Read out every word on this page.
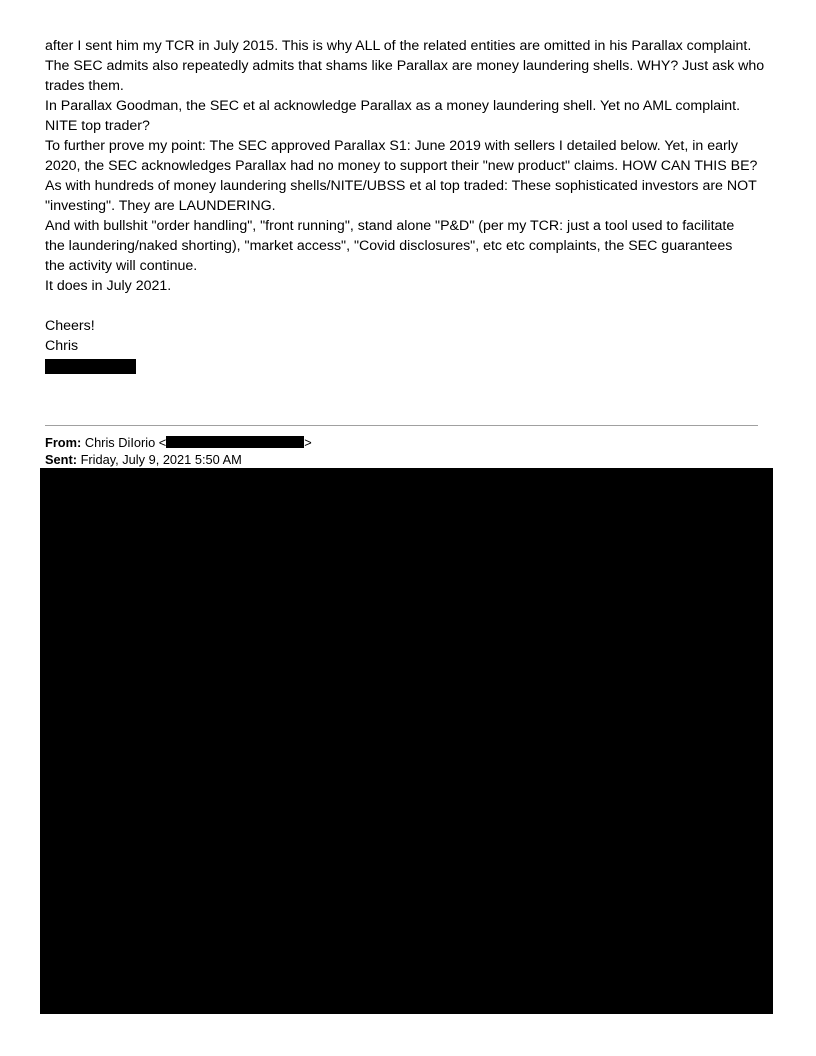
after I sent him my TCR in July 2015. This is why ALL of the related entities are omitted in his Parallax complaint.

The SEC admits also repeatedly admits that shams like Parallax are money laundering shells. WHY? Just ask who

trades them.

In Parallax Goodman, the SEC et al acknowledge Parallax as a money laundering shell. Yet no AML complaint.

NITE top trader?

To further prove my point: The SEC approved Parallax S1: June 2019 with sellers I detailed below. Yet, in early

2020, the SEC acknowledges Parallax had no money to support their "new product" claims. HOW CAN THIS BE?

As with hundreds of money laundering shells/NITE/UBSS et al top traded: These sophisticated investors are NOT

"investing". They are LAUNDERING.

And with bullshit "order handling", "front running", stand alone "P&D" (per my TCR: just a tool used to facilitate

the laundering/naked shorting), "market access", "Covid disclosures", etc etc complaints, the SEC guarantees

the activity will continue.

It does in July 2021.

Cheers!

Chris

From: Chris DiIorio <	>
Sent: Friday, July 9, 2021 5:50 AM
